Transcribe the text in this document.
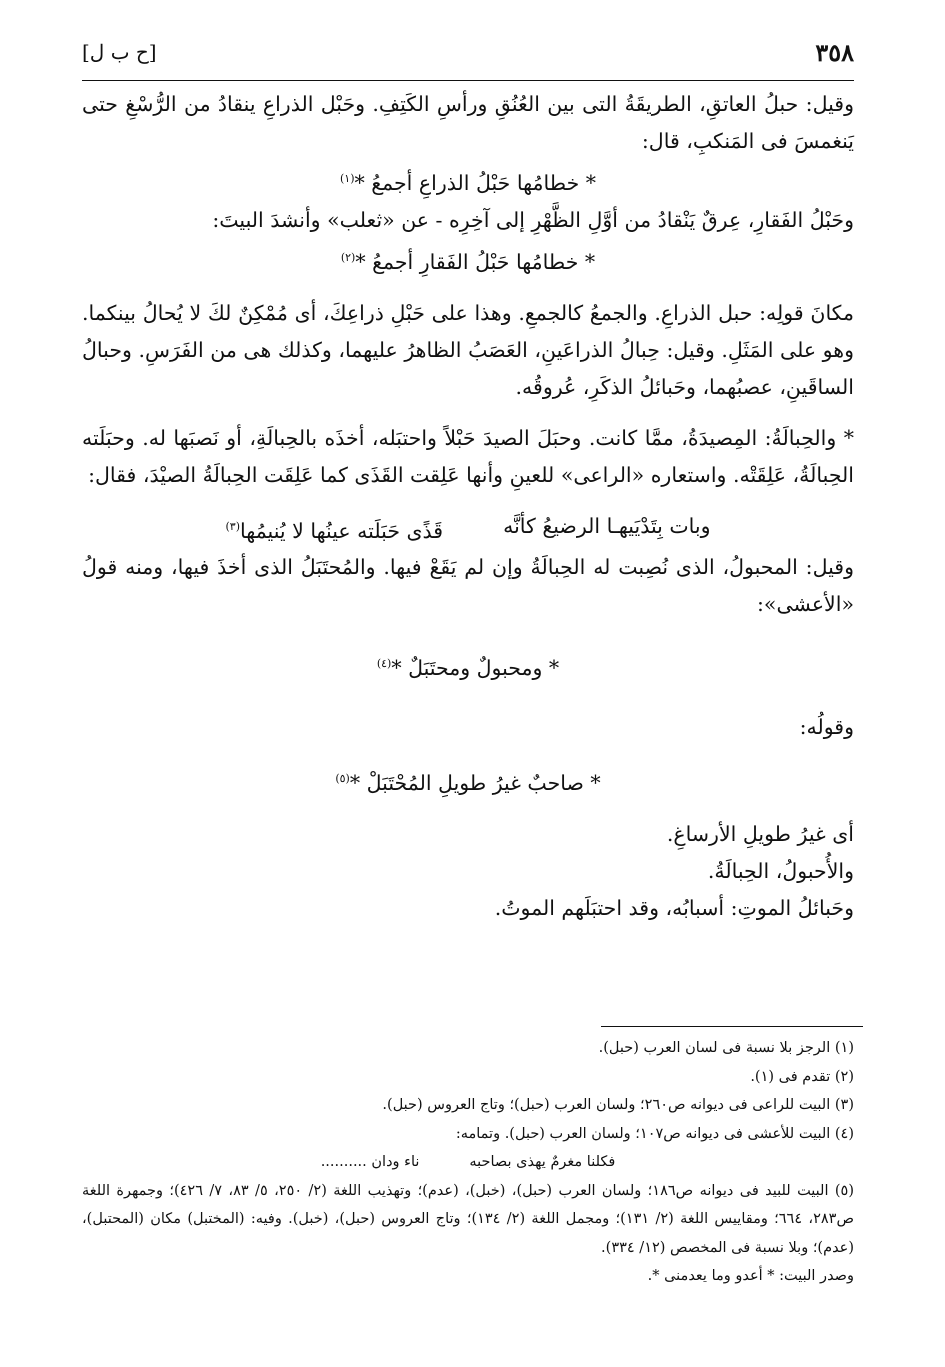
٣٥٨
[ح ب ل]

وقيل: حبلُ العاتقِ، الطريقَةُ التى بين العُنُقِ ورأسِ الكَتِفِ. وحَبْل الذراعِ ينقادُ من الرُّسْغِ حتى يَنغمسَ فى المَنكبِ، قال:

* خطامُها حَبْلُ الذراعِ أجمعُ *$^{(١)}$

وحَبْلُ الفَقارِ، عِرقٌ يَنْقادُ من أوَّلِ الظَّهْرِ إلى آخِرِه - عن «ثعلب» وأنشدَ البيتَ:

* خطامُها حَبْلُ الفَقارِ أجمعُ *$^{(٢)}$

مكانَ قولِه: حبل الذراعِ. والجمعُ كالجمعِ. وهذا على حَبْلِ ذراعِكَ، أى مُمْكِنٌ لكَ لا يُحالُ بينكما. وهو على المَثَلِ. وقيل: حِبالُ الذراعَينِ، العَصَبُ الظاهرُ عليهما، وكذلك هى من الفَرَسِ. وحبالُ الساقَينِ، عصبُهما، وحَبائلُ الذكَرِ، عُروقُه.

* والحِبالَةُ: المِصيدَةُ، ممَّا كانت. وحبَلَ الصيدَ حَبْلاً واحتبَله، أخذَه بالحِبالَةِ، أو نَصبَها له. وحبَلَته الحِبالَةُ، عَلِقَتْه. واستعاره «الراعى» للعينِ وأنها عَلِقت القَذَى كما عَلِقَت الحِبالَةُ الصيْدَ، فقال:

وبات بِتَدْيَيهـا الرضيعُ كأنَّه
قَذًى حَبَلَته عينُها لا يُنيمُها$^{(٣)}$

وقيل: المحبولُ، الذى نُصِبت له الحِبالَةُ وإن لم يَقَعْ فيها. والمُحتَبَلُ الذى أخذَ فيها، ومنه قولُ «الأعشى»:

* ومحبولٌ ومحتَبَلٌ *$^{(٤)}$

وقولُه:

* صاحبٌ غيرُ طويلِ المُحْتَبَلْ *$^{(٥)}$

أى غيرُ طويلِ الأرساغِ.

والأُحبولُ، الحِبالَةُ.

وحَبائلُ الموتِ: أسبابُه، وقد احتبَلَهم الموتُ.

(١) الرجز بلا نسبة فى لسان العرب (حبل).

(٢) تقدم فى (١).

(٣) البيت للراعى فى ديوانه ص٢٦٠؛ ولسان العرب (حبل)؛ وتاج العروس (حبل).

(٤) البيت للأعشى فى ديوانه ص١٠٧؛ ولسان العرب (حبل). وتمامه:

فكلنا مغرمٌ يهذى بصاحبه
ناء ودان ..........

(٥) البيت للبيد فى ديوانه ص١٨٦؛ ولسان العرب (حبل)، (خبل)، (عدم)؛ وتهذيب اللغة (٢/ ٢٥٠، ٥/ ٨٣، ٧/ ٤٢٦)؛ وجمهرة اللغة ص٢٨٣، ٦٦٤؛ ومقاييس اللغة (٢/ ١٣١)؛ ومجمل اللغة (٢/ ١٣٤)؛ وتاج العروس (حبل)، (خبل). وفيه: (المختبل) مكان (المحتبل)، (عدم)؛ وبلا نسبة فى المخصص (١٢/ ٣٣٤).

وصدر البيت: * أعدو وما يعدمنى *.
